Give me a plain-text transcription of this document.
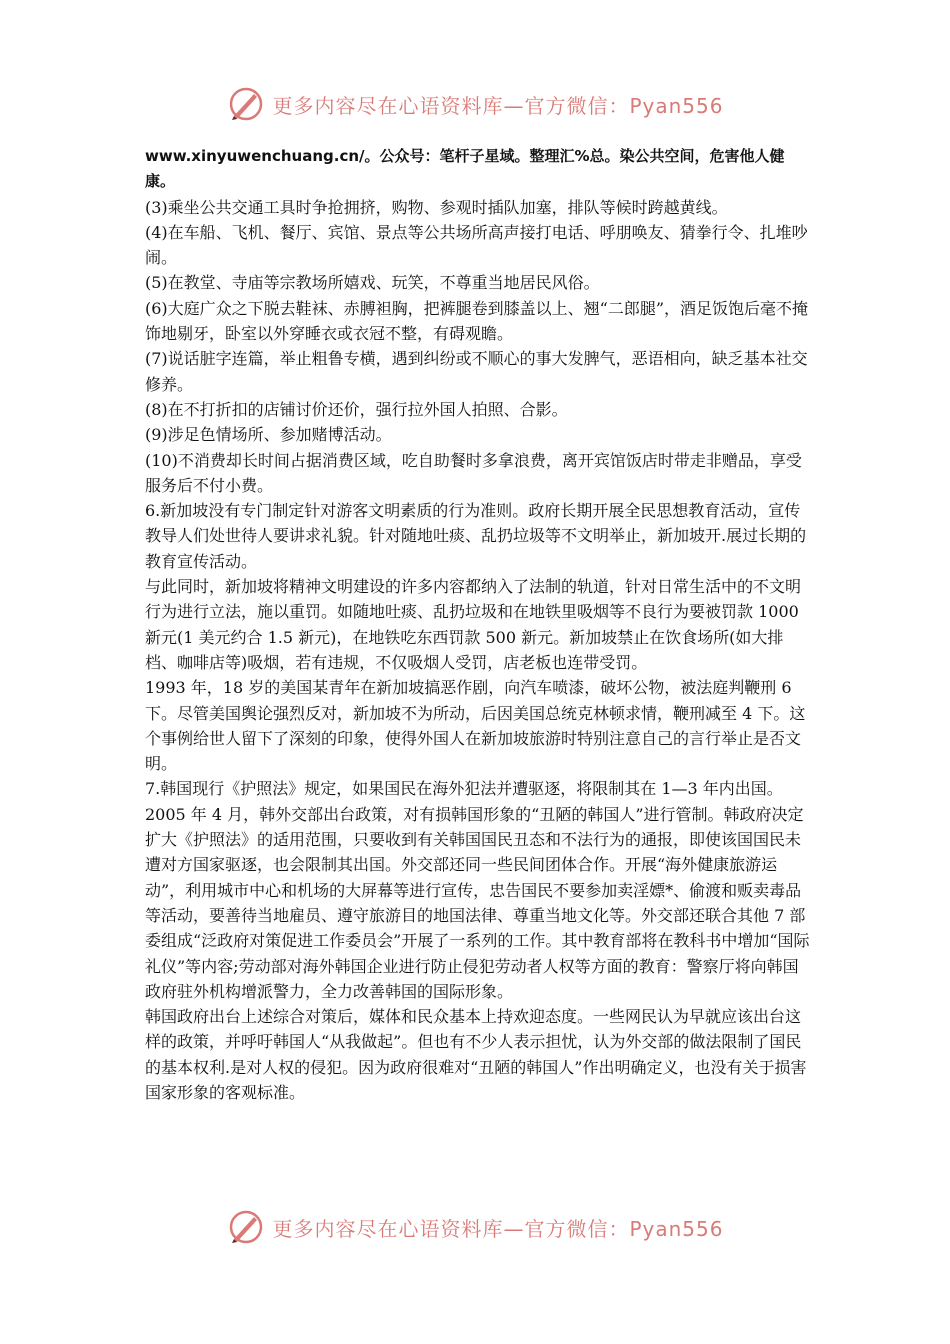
更多内容尽在心语资料库—官方微信：Pyan556

www.xinyuwenchuang.cn/。公众号：笔杆子星域。整理汇%总。染公共空间，危害他人健康。

(3)乘坐公共交通工具时争抢拥挤，购物、参观时插队加塞，排队等候时跨越黄线。

(4)在车船、飞机、餐厅、宾馆、景点等公共场所高声接打电话、呼朋唤友、猜拳行令、扎堆吵闹。

(5)在教堂、寺庙等宗教场所嬉戏、玩笑，不尊重当地居民风俗。

(6)大庭广众之下脱去鞋袜、赤膊袒胸，把裤腿卷到膝盖以上、翘“二郎腿”，酒足饭饱后毫不掩饰地剔牙，卧室以外穿睡衣或衣冠不整，有碍观瞻。

(7)说话脏字连篇，举止粗鲁专横，遇到纠纷或不顺心的事大发脾气，恶语相向，缺乏基本社交修养。

(8)在不打折扣的店铺讨价还价，强行拉外国人拍照、合影。

(9)涉足色情场所、参加赌博活动。

(10)不消费却长时间占据消费区域，吃自助餐时多拿浪费，离开宾馆饭店时带走非赠品，享受服务后不付小费。

6.新加坡没有专门制定针对游客文明素质的行为准则。政府长期开展全民思想教育活动，宣传教导人们处世待人要讲求礼貌。针对随地吐痰、乱扔垃圾等不文明举止，新加坡开.展过长期的教育宣传活动。

与此同时，新加坡将精神文明建设的许多内容都纳入了法制的轨道，针对日常生活中的不文明行为进行立法，施以重罚。如随地吐痰、乱扔垃圾和在地铁里吸烟等不良行为要被罚款 1000 新元(1 美元约合 1.5 新元)，在地铁吃东西罚款 500 新元。新加坡禁止在饮食场所(如大排档、咖啡店等)吸烟，若有违规，不仅吸烟人受罚，店老板也连带受罚。

1993 年，18 岁的美国某青年在新加坡搞恶作剧，向汽车喷漆，破坏公物，被法庭判鞭刑 6 下。尽管美国舆论强烈反对，新加坡不为所动，后因美国总统克林顿求情，鞭刑减至 4 下。这个事例给世人留下了深刻的印象，使得外国人在新加坡旅游时特别注意自己的言行举止是否文明。

7.韩国现行《护照法》规定，如果国民在海外犯法并遭驱逐，将限制其在 1—3 年内出国。2005 年 4 月，韩外交部出台政策，对有损韩国形象的“丑陋的韩国人”进行管制。韩政府决定扩大《护照法》的适用范围，只要收到有关韩国国民丑态和不法行为的通报，即使该国国民未遭对方国家驱逐，也会限制其出国。外交部还同一些民间团体合作。开展“海外健康旅游运动”，利用城市中心和机场的大屏幕等进行宣传，忠告国民不要参加卖淫嫖*、偷渡和贩卖毒品等活动，要善待当地雇员、遵守旅游目的地国法律、尊重当地文化等。外交部还联合其他 7 部委组成“泛政府对策促进工作委员会”开展了一系列的工作。其中教育部将在教科书中增加“国际礼仪”等内容;劳动部对海外韩国企业进行防止侵犯劳动者人权等方面的教育：警察厅将向韩国政府驻外机构增派警力，全力改善韩国的国际形象。

韩国政府出台上述综合对策后，媒体和民众基本上持欢迎态度。一些网民认为早就应该出台这样的政策，并呼吁韩国人“从我做起”。但也有不少人表示担忧，认为外交部的做法限制了国民的基本权利.是对人权的侵犯。因为政府很难对“丑陋的韩国人”作出明确定义，也没有关于损害国家形象的客观标准。

更多内容尽在心语资料库—官方微信：Pyan556
